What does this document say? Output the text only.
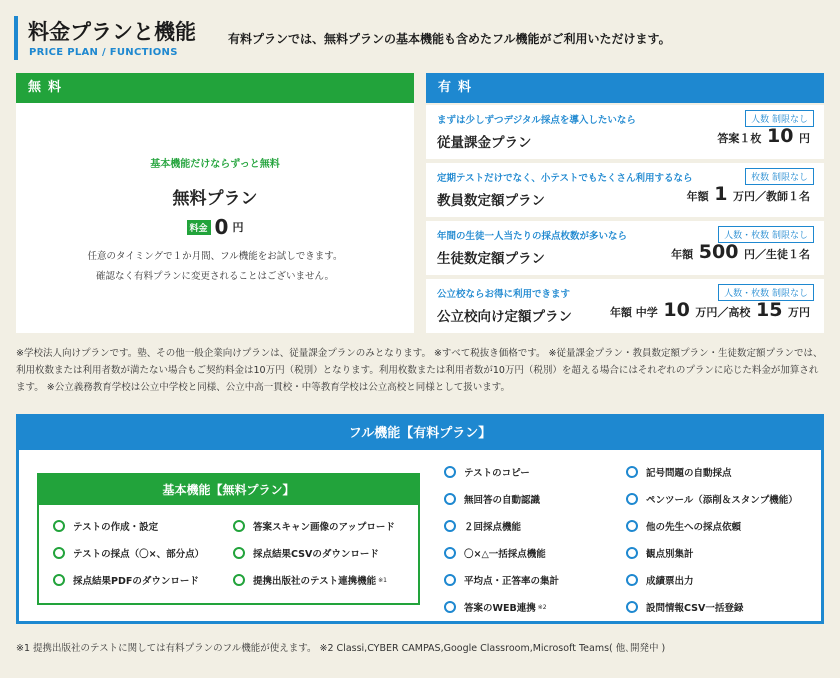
料金プランと機能
PRICE PLAN / FUNCTIONS
有料プランでは、無料プランの基本機能も含めたフル機能がご利用いただけます。
無料
基本機能だけならずっと無料
無料プラン
料金 0 円
任意のタイミングで１か月間、フル機能をお試しできます。
確認なく有料プランに変更されることはございません。
有料
まずは少しずつデジタル採点を導入したいなら	人数 制限なし
従量課金プラン	答案１枚 10 円
定期テストだけでなく、小テストでもたくさん利用するなら	枚数 制限なし
教員数定額プラン	年額 1 万円／教師１名
年間の生徒一人当たりの採点枚数が多いなら	人数・枚数 制限なし
生徒数定額プラン	年額 500 円／生徒１名
公立校ならお得に利用できます	人数・枚数 制限なし
公立校向け定額プラン	年額 中学 10 万円／高校 15 万円
※学校法人向けプランです。塾、その他一般企業向けプランは、従量課金プランのみとなります。 ※すべて税抜き価格です。 ※従量課金プラン・教員数定額プラン・生徒数定額プランでは、利用枚数または利用者数が満たない場合もご契約料金は10万円（税別）となります。利用枚数または利用者数が10万円（税別）を超える場合にはそれぞれのプランに応じた料金が加算されます。 ※公立義務教育学校は公立中学校と同様、公立中高一貫校・中等教育学校は公立高校と同様として扱います。
フル機能【有料プラン】
基本機能【無料プラン】
テストの作成・設定	答案スキャン画像のアップロード
テストの採点（〇×、部分点）	採点結果CSVのダウンロード
採点結果PDFのダウンロード	提携出版社のテスト連携機能 ※1
テストのコピー	記号問題の自動採点
無回答の自動認識	ペンツール（添削＆スタンプ機能）
２回採点機能	他の先生への採点依頼
〇×△一括採点機能	観点別集計
平均点・正答率の集計	成績票出力
答案のWEB連携 ※2	設問情報CSV一括登録
※1 提携出版社のテストに関しては有料プランのフル機能が使えます。 ※2 Classi,CYBER CAMPAS,Google Classroom,Microsoft Teams( 他､開発中 )
